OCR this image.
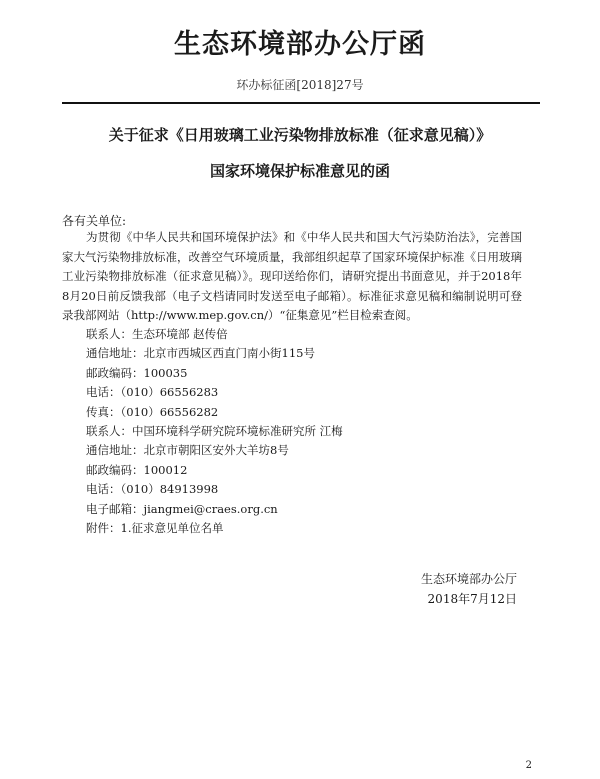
生态环境部办公厅函
环办标征函[2018]27号
关于征求《日用玻璃工业污染物排放标准（征求意见稿）》
国家环境保护标准意见的函
各有关单位:
为贯彻《中华人民共和国环境保护法》和《中华人民共和国大气污染防治法》，完善国家大气污染物排放标准，改善空气环境质量，我部组织起草了国家环境保护标准《日用玻璃工业污染物排放标准（征求意见稿）》。现印送给你们，请研究提出书面意见，并于2018年8月20日前反馈我部（电子文档请同时发送至电子邮箱）。标准征求意见稿和编制说明可登录我部网站（http://www.mep.gov.cn/）“征集意见”栏目检索查阅。
联系人：生态环境部 赵传倍
通信地址：北京市西城区西直门南小街115号
邮政编码：100035
电话：（010）66556283
传真：（010）66556282
联系人：中国环境科学研究院环境标准研究所 江梅
通信地址：北京市朝阳区安外大羊坊8号
邮政编码：100012
电话：（010）84913998
电子邮箱：jiangmei@craes.org.cn
附件：1.征求意见单位名单
生态环境部办公厅
2018年7月12日
2
